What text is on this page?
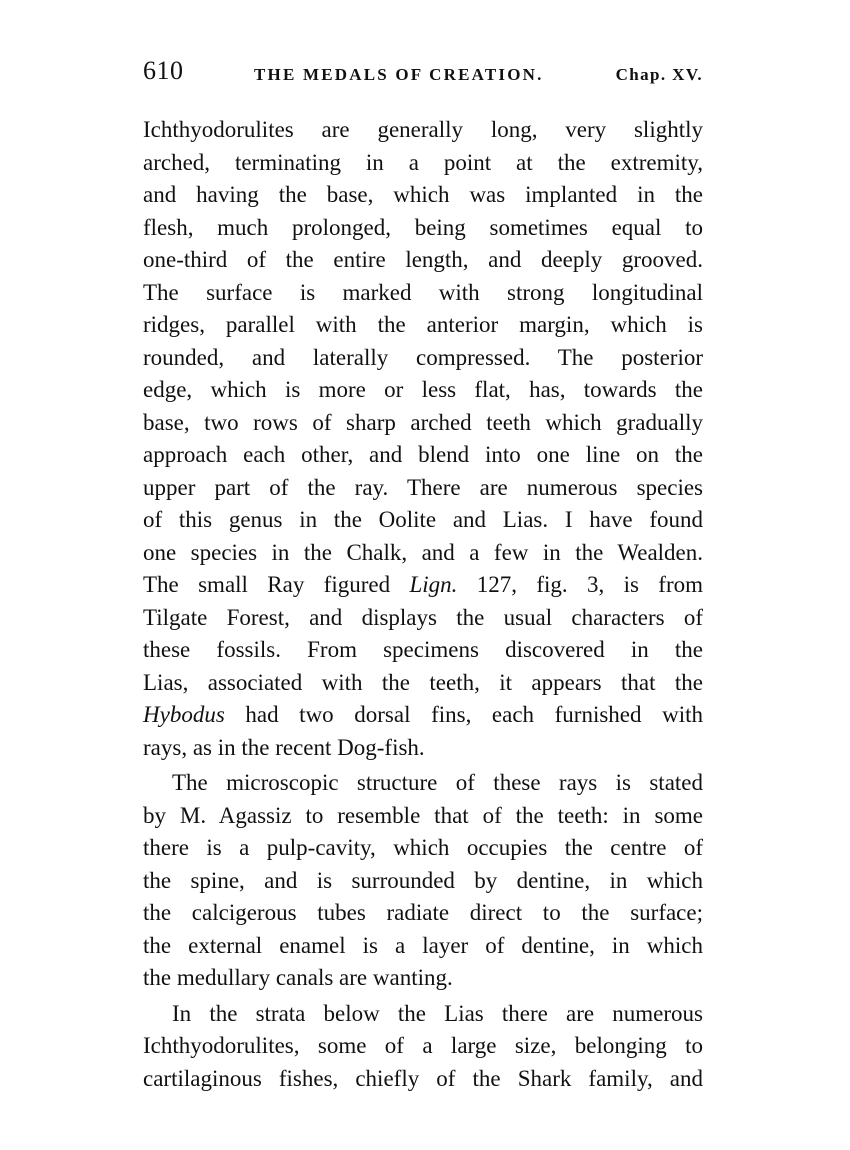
610	THE MEDALS OF CREATION.	Chap. XV.
Ichthyodorulites are generally long, very slightly
arched, terminating in a point at the extremity,
and having the base, which was implanted in the
flesh, much prolonged, being sometimes equal to
one-third of the entire length, and deeply grooved.
The surface is marked with strong longitudinal
ridges, parallel with the anterior margin, which is
rounded, and laterally compressed. The posterior
edge, which is more or less flat, has, towards the
base, two rows of sharp arched teeth which gradually
approach each other, and blend into one line on the
upper part of the ray. There are numerous species
of this genus in the Oolite and Lias. I have found
one species in the Chalk, and a few in the Wealden.
The small Ray figured Lign. 127, fig. 3, is from
Tilgate Forest, and displays the usual characters of
these fossils. From specimens discovered in the
Lias, associated with the teeth, it appears that the
Hybodus had two dorsal fins, each furnished with
rays, as in the recent Dog-fish.
The microscopic structure of these rays is stated
by M. Agassiz to resemble that of the teeth: in some
there is a pulp-cavity, which occupies the centre of
the spine, and is surrounded by dentine, in which
the calcigerous tubes radiate direct to the surface;
the external enamel is a layer of dentine, in which
the medullary canals are wanting.
In the strata below the Lias there are numerous
Ichthyodorulites, some of a large size, belonging to
cartilaginous fishes, chiefly of the Shark family, and
